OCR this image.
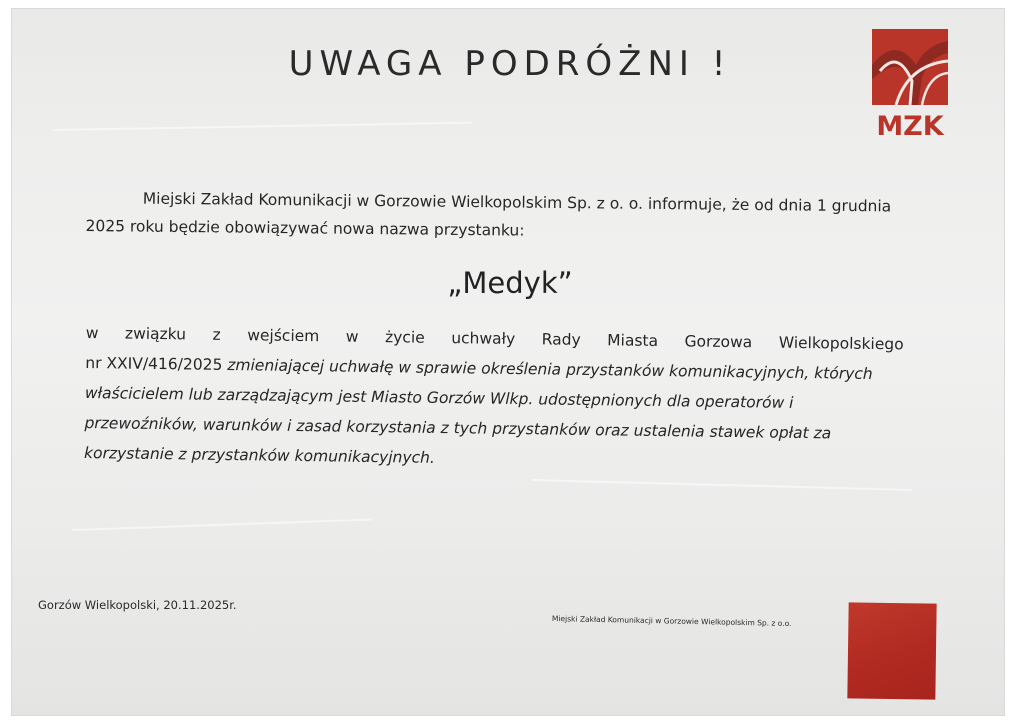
UWAGA PODRÓŻNI !
MZK
Miejski Zakład Komunikacji w Gorzowie Wielkopolskim Sp. z o. o. informuje, że od dnia 1 grudnia 2025 roku będzie obowiązywać nowa nazwa przystanku:
„Medyk”
w związku z wejściem w życie uchwały Rady Miasta Gorzowa Wielkopolskiego
nr XXIV/416/2025 zmieniającej uchwałę w sprawie określenia przystanków komunikacyjnych, których właścicielem lub zarządzającym jest Miasto Gorzów Wlkp. udostępnionych dla operatorów i przewoźników, warunków i zasad korzystania z tych przystanków oraz ustalenia stawek opłat za korzystanie z przystanków komunikacyjnych.
Gorzów Wielkopolski, 20.11.2025r.
Miejski Zakład Komunikacji w Gorzowie Wielkopolskim Sp. z o.o.
